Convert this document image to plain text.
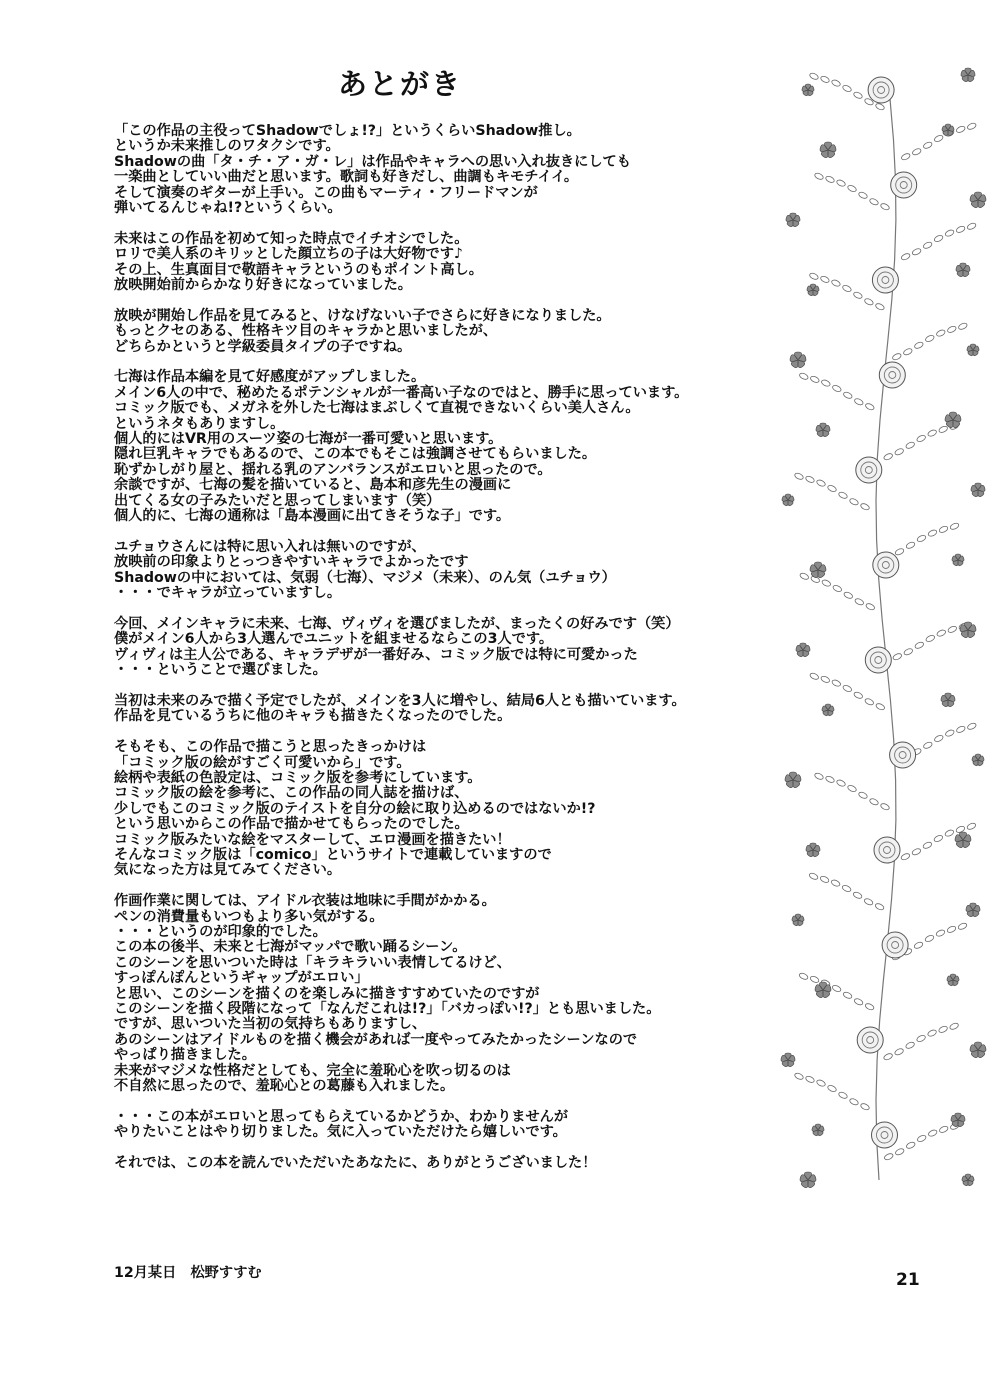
あとがき
「この作品の主役ってShadowでしょ!?」というくらいShadow推し。
というか未来推しのワタクシです。
Shadowの曲「タ・チ・ア・ガ・レ」は作品やキャラへの思い入れ抜きにしても
一楽曲としていい曲だと思います。歌詞も好きだし、曲調もキモチイイ。
そして演奏のギターが上手い。この曲もマーティ・フリードマンが
弾いてるんじゃね!?というくらい。
未来はこの作品を初めて知った時点でイチオシでした。
ロリで美人系のキリッとした顔立ちの子は大好物です♪
その上、生真面目で敬語キャラというのもポイント高し。
放映開始前からかなり好きになっていました。
放映が開始し作品を見てみると、けなげないい子でさらに好きになりました。
もっとクセのある、性格キツ目のキャラかと思いましたが、
どちらかというと学級委員タイプの子ですね。
七海は作品本編を見て好感度がアップしました。
メイン6人の中で、秘めたるポテンシャルが一番高い子なのではと、勝手に思っています。
コミック版でも、メガネを外した七海はまぶしくて直視できないくらい美人さん。
というネタもありますし。
個人的にはVR用のスーツ姿の七海が一番可愛いと思います。
隠れ巨乳キャラでもあるので、この本でもそこは強調させてもらいました。
恥ずかしがり屋と、揺れる乳のアンバランスがエロいと思ったので。
余談ですが、七海の髪を描いていると、島本和彦先生の漫画に
出てくる女の子みたいだと思ってしまいます（笑）
個人的に、七海の通称は「島本漫画に出てきそうな子」です。
ユチョウさんには特に思い入れは無いのですが、
放映前の印象よりとっつきやすいキャラでよかったです
Shadowの中においては、気弱（七海）、マジメ（未来）、のん気（ユチョウ）
・・・でキャラが立っていますし。
今回、メインキャラに未来、七海、ヴィヴィを選びましたが、まったくの好みです（笑）
僕がメイン6人から3人選んでユニットを組ませるならこの3人です。
ヴィヴィは主人公である、キャラデザが一番好み、コミック版では特に可愛かった
・・・ということで選びました。
当初は未来のみで描く予定でしたが、メインを3人に増やし、結局6人とも描いています。
作品を見ているうちに他のキャラも描きたくなったのでした。
そもそも、この作品で描こうと思ったきっかけは
「コミック版の絵がすごく可愛いから」です。
絵柄や表紙の色設定は、コミック版を参考にしています。
コミック版の絵を参考に、この作品の同人誌を描けば、
少しでもこのコミック版のテイストを自分の絵に取り込めるのではないか!?
という思いからこの作品で描かせてもらったのでした。
コミック版みたいな絵をマスターして、エロ漫画を描きたい！
そんなコミック版は「comico」というサイトで連載していますので
気になった方は見てみてください。
作画作業に関しては、アイドル衣装は地味に手間がかかる。
ペンの消費量もいつもより多い気がする。
・・・というのが印象的でした。
この本の後半、未来と七海がマッパで歌い踊るシーン。
このシーンを思いついた時は「キラキラいい表情してるけど、
すっぽんぽんというギャップがエロい」
と思い、このシーンを描くのを楽しみに描きすすめていたのですが
このシーンを描く段階になって「なんだこれは!?」「バカっぽい!?」とも思いました。
ですが、思いついた当初の気持ちもありますし、
あのシーンはアイドルものを描く機会があれば一度やってみたかったシーンなので
やっぱり描きました。
未来がマジメな性格だとしても、完全に羞恥心を吹っ切るのは
不自然に思ったので、羞恥心との葛藤も入れました。
・・・この本がエロいと思ってもらえているかどうか、わかりませんが
やりたいことはやり切りました。気に入っていただけたら嬉しいです。
それでは、この本を読んでいただいたあなたに、ありがとうございました！
12月某日　松野すすむ	21
